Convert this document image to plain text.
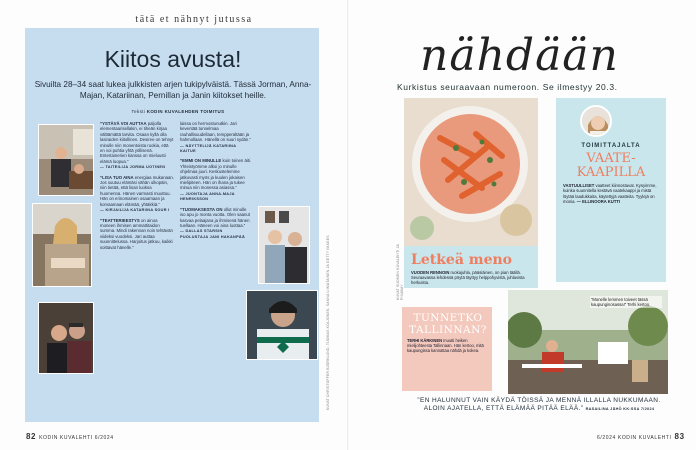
tätä et nähnyt jutussa
Kiitos avusta!
Sivuilta 28–34 saat lukea julkkisten arjen tukipylväistä. Tässä Jorman, Anna-Majan, Katariinan, Pernillan ja Janin kiitokset heille.
Teksti KODIN KUVALEHDEN TOIMITUS

”YSTÄVÄ VOI AUTTAA paljolla elementaarisellakin, ei tiheän kirjaa välttämättä tarvita. Osaan kyllä olla lasiraiden kiitollinen. Desiree on tehnyt minulle niin monentoista ruokia, että en voi puhtia yhtä yöllisenä. Entertainerien kanssa on mieluusti elämä luopua.”
— TAITEILIJA JORMA UOTINEN

”LISA TUO AINA energiaa mukanaan. Jos suutuu elämäsi vähän ulkopäin, niin tietää, että lisan luoksa huomenna. Hänen varmasti muuttuu. Hän on erinomainen osaamaan ja korvaamaan elämää, yhtäkkiä.”
— KIRJAILIJA KATARIINA SOUR I

”TEATTERIEESTYS on ainoa moneen ihmisen ammattitaidon summa. Mindi rakennan noin tehtävän viideksi vuodeksi. Jari auttaa suunnittelussa. Harjoitus jatkuu, kaikki soittavat hänelle.”

laissa on hermostunutkin. Jari keventää tunnelmaa rauhallisuudellaan, tempperaltään ja hahmollaan. Hänellä on suuri sydän.”
— NÄYTTELIJÄ KATARIINA KAITUE

”EMMI ON MINULLE kuin toinen äiti. Yhteistyömme alkoi jo minulle ohjelmaa juuri. Keskustelemme jatkuvasti myös ja kuulen jokaisen mielipiteen. Hän on ihana ja tukee minua niin monessa asiassa.”
— JUONTAJA ANNA-MAJA HENRIKSSON

”TUOMAKSESTA ON ollut minulle iso apu jo monta vuotta. Olen saanut kasvaa pelaajana ja ihmisenä hänen tuellaan. Häneen voi aina luottaa.”
— DALLAS STARSIN PUOLUSTAJA JANI HAKANPÄÄ	KUVAT CHRISTOFFER BJÖRKLUND, TUOMAS KOLJONEN, SANNA LIIMATAINEN JA GETTY IMAGES
82 KODIN KUVALEHTI 6/2024
nähdään
Kurkistus seuraavaan numeroon. Se ilmestyy 20.3.
Letkeä meno
VUODEN RENNOIN ruokajuhla, pääsiäinen, on pian täällä. Seuraavassa lehdessä pöytä täyttyy helppohyvistä, juhlavista herkuista.
TOIMITTAJALTA
VAATE-KAAPILLA
VASTUULLISET vaatteet kiinnostavat. Kysyimme, kuinka suunnitella kestävä vaatekaappi ja mistä löytää laadukkaita, käytettyjä vaatteita. Tyylejä on monia. — ELLINOORA KUTTI
TUNNETKO TALLINNAN?
TERHI KÄRKINEN muutti heiken mielijohteesta Tallinnaan. Hän kertoo, mitä kaupungissa kannattaa nähdä ja kokea.
”Monelle lemmen toiveet tässä kaupunginosassa!” Terhi kertoo.
KUVAT SUOMEN KUVALEHTI JA PIXABAY
”EN HALUNNUT VAIN KÄYDÄ TÖISSÄ JA MENNÄ ILLALLA NUKKUMAAN. ALOIN AJATELLA, ETTÄ ELÄMÄÄ PITÄÄ ELÄÄ.” RASAILINA JÄHÖ KK:SSA 7/2024
6/2024 KODIN KUVALEHTI 83
